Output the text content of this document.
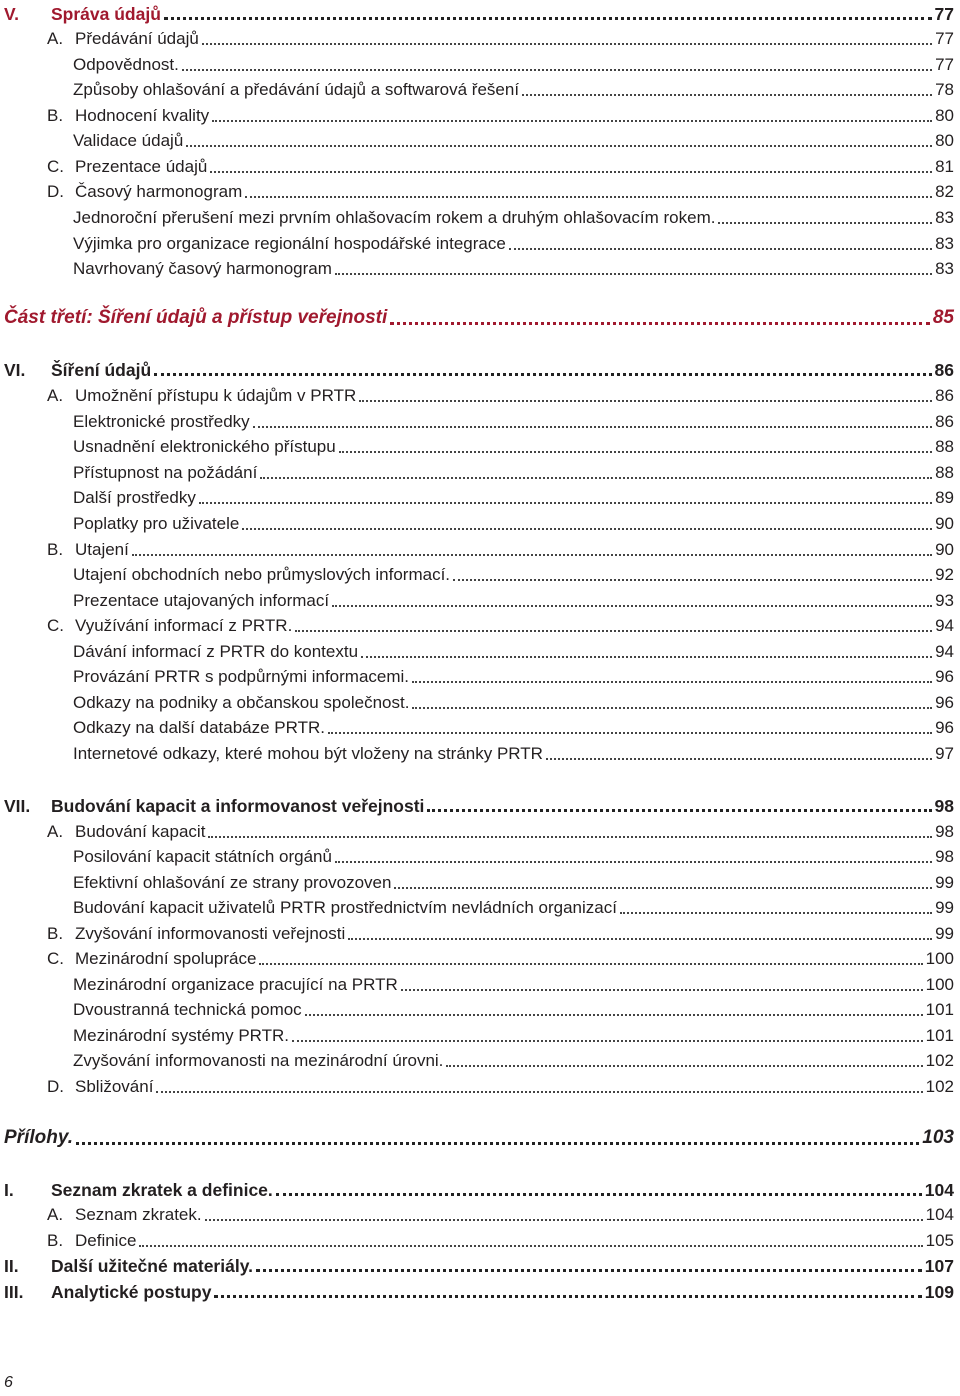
V.	Správa údajů	77
A. Předávání údajů	77
Odpovědnost.	77
Způsoby ohlašování a předávání údajů a softwarová řešení	78
B. Hodnocení kvality	80
Validace údajů	80
C. Prezentace údajů	81
D. Časový harmonogram	82
Jednoroční přerušení mezi prvním ohlašovacím rokem a druhým ohlašovacím rokem.	83
Výjimka pro organizace regionální hospodářské integrace	83
Navrhovaný časový harmonogram	83
Část třetí: Šíření údajů a přístup veřejnosti	85
VI.	Šíření údajů	86
A. Umožnění přístupu k údajům v PRTR	86
Elektronické prostředky	86
Usnadnění elektronického přístupu	88
Přístupnost na požádání	88
Další prostředky	89
Poplatky pro uživatele	90
B. Utajení	90
Utajení obchodních nebo průmyslových informací.	92
Prezentace utajovaných informací	93
C. Využívání informací z PRTR.	94
Dávání informací z PRTR do kontextu	94
Provázání PRTR s podpůrnými informacemi.	96
Odkazy na podniky a občanskou společnost.	96
Odkazy na další databáze PRTR.	96
Internetové odkazy, které mohou být vloženy na stránky PRTR	97
VII.	Budování kapacit a informovanost veřejnosti	98
A. Budování kapacit	98
Posilování kapacit státních orgánů	98
Efektivní ohlašování ze strany provozoven	99
Budování kapacit uživatelů PRTR prostřednictvím nevládních organizací	99
B. Zvyšování informovanosti veřejnosti	99
C. Mezinárodní spolupráce	100
Mezinárodní organizace pracující na PRTR	100
Dvoustranná technická pomoc	101
Mezinárodní systémy PRTR.	101
Zvyšování informovanosti na mezinárodní úrovni.	102
D. Sbližování	102
Přílohy.	103
I.	Seznam zkratek a definice.	104
A. Seznam zkratek.	104
B. Definice	105
II.	Další užitečné materiály.	107
III.	Analytické postupy	109
6
